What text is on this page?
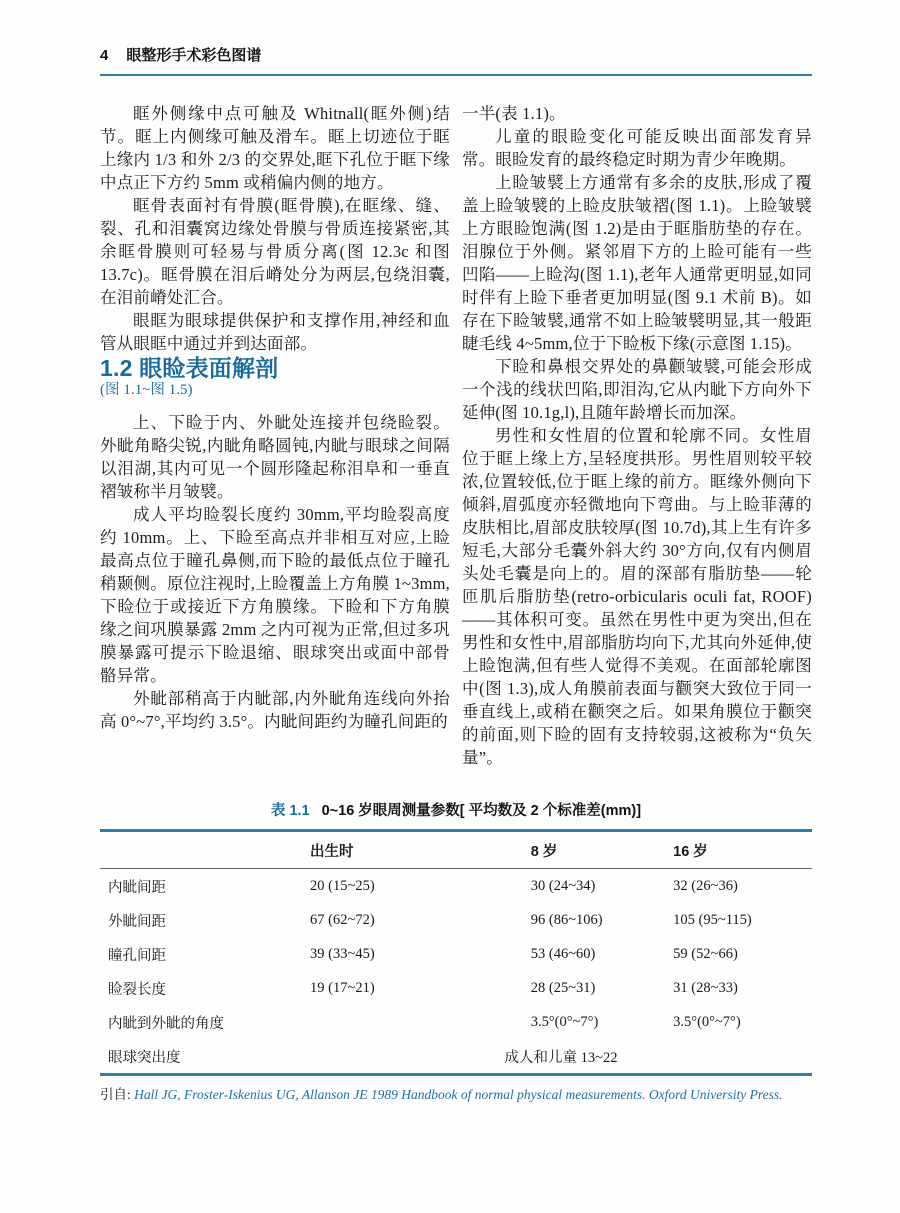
4 眼整形手术彩色图谱

眶外侧缘中点可触及 Whitnall(眶外侧)结节。眶上内侧缘可触及滑车。眶上切迹位于眶上缘内 1/3 和外 2/3 的交界处,眶下孔位于眶下缘中点正下方约 5mm 或稍偏内侧的地方。

眶骨表面衬有骨膜(眶骨膜),在眶缘、缝、裂、孔和泪囊窝边缘处骨膜与骨质连接紧密,其余眶骨膜则可轻易与骨质分离(图 12.3c 和图 13.7c)。眶骨膜在泪后嵴处分为两层,包绕泪囊,在泪前嵴处汇合。

眼眶为眼球提供保护和支撑作用,神经和血管从眼眶中通过并到达面部。

1.2 眼睑表面解剖

(图 1.1~图 1.5)

上、下睑于内、外眦处连接并包绕睑裂。外眦角略尖锐,内眦角略圆钝,内眦与眼球之间隔以泪湖,其内可见一个圆形隆起称泪阜和一垂直褶皱称半月皱襞。

成人平均睑裂长度约 30mm,平均睑裂高度约 10mm。上、下睑至高点并非相互对应,上睑最高点位于瞳孔鼻侧,而下睑的最低点位于瞳孔稍颞侧。原位注视时,上睑覆盖上方角膜 1~3mm,下睑位于或接近下方角膜缘。下睑和下方角膜缘之间巩膜暴露 2mm 之内可视为正常,但过多巩膜暴露可提示下睑退缩、眼球突出或面中部骨骼异常。

外眦部稍高于内眦部,内外眦角连线向外抬高 0°~7°,平均约 3.5°。内眦间距约为瞳孔间距的

一半(表 1.1)。

儿童的眼睑变化可能反映出面部发育异常。眼睑发育的最终稳定时期为青少年晚期。

上睑皱襞上方通常有多余的皮肤,形成了覆盖上睑皱襞的上睑皮肤皱褶(图 1.1)。上睑皱襞上方眼睑饱满(图 1.2)是由于眶脂肪垫的存在。泪腺位于外侧。紧邻眉下方的上睑可能有一些凹陷——上睑沟(图 1.1),老年人通常更明显,如同时伴有上睑下垂者更加明显(图 9.1 术前 B)。如存在下睑皱襞,通常不如上睑皱襞明显,其一般距睫毛线 4~5mm,位于下睑板下缘(示意图 1.15)。

下睑和鼻根交界处的鼻颧皱襞,可能会形成一个浅的线状凹陷,即泪沟,它从内眦下方向外下延伸(图 10.1g,l),且随年龄增长而加深。

男性和女性眉的位置和轮廓不同。女性眉位于眶上缘上方,呈轻度拱形。男性眉则较平较浓,位置较低,位于眶上缘的前方。眶缘外侧向下倾斜,眉弧度亦轻微地向下弯曲。与上睑菲薄的皮肤相比,眉部皮肤较厚(图 10.7d),其上生有许多短毛,大部分毛囊外斜大约 30°方向,仅有内侧眉头处毛囊是向上的。眉的深部有脂肪垫——轮匝肌后脂肪垫(retro-orbicularis oculi fat, ROOF)——其体积可变。虽然在男性中更为突出,但在男性和女性中,眉部脂肪均向下,尤其向外延伸,使上睑饱满,但有些人觉得不美观。在面部轮廓图中(图 1.3),成人角膜前表面与颧突大致位于同一垂直线上,或稍在颧突之后。如果角膜位于颧突的前面,则下睑的固有支持较弱,这被称为“负矢量”。

表 1.1 0~16 岁眼周测量参数[ 平均数及 2 个标准差(mm)]
	出生时	8 岁	16 岁
内眦间距	20 (15~25)	30 (24~34)	32 (26~36)
外眦间距	67 (62~72)	96 (86~106)	105 (95~115)
瞳孔间距	39 (33~45)	53 (46~60)	59 (52~66)
睑裂长度	19 (17~21)	28 (25~31)	31 (28~33)
内眦到外眦的角度		3.5°(0°~7°)	3.5°(0°~7°)
眼球突出度	成人和儿童 13~22		
引自: Hall JG, Froster-Iskenius UG, Allanson JE 1989 Handbook of normal physical measurements. Oxford University Press.
